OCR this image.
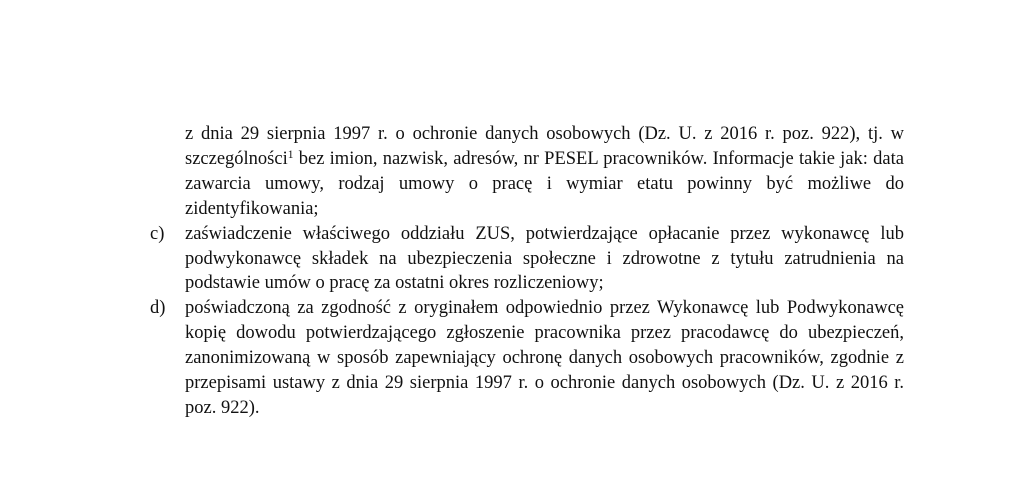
z dnia 29 sierpnia 1997 r. o ochronie danych osobowych (Dz. U. z 2016 r. poz. 922), tj. w szczególności$^1$ bez imion, nazwisk, adresów, nr PESEL pracowników. Informacje takie jak: data zawarcia umowy, rodzaj umowy o pracę i wymiar etatu powinny być możliwe do zidentyfikowania;

c)	zaświadczenie właściwego oddziału ZUS, potwierdzające opłacanie przez wykonawcę lub podwykonawcę składek na ubezpieczenia społeczne i zdrowotne z tytułu zatrudnienia na podstawie umów o pracę za ostatni okres rozliczeniowy;
d)	poświadczoną za zgodność z oryginałem odpowiednio przez Wykonawcę lub Podwykonawcę kopię dowodu potwierdzającego zgłoszenie pracownika przez pracodawcę do ubezpieczeń, zanonimizowaną w sposób zapewniający ochronę danych osobowych pracowników, zgodnie z przepisami ustawy z dnia 29 sierpnia 1997 r. o ochronie danych osobowych (Dz. U. z 2016 r. poz. 922).
